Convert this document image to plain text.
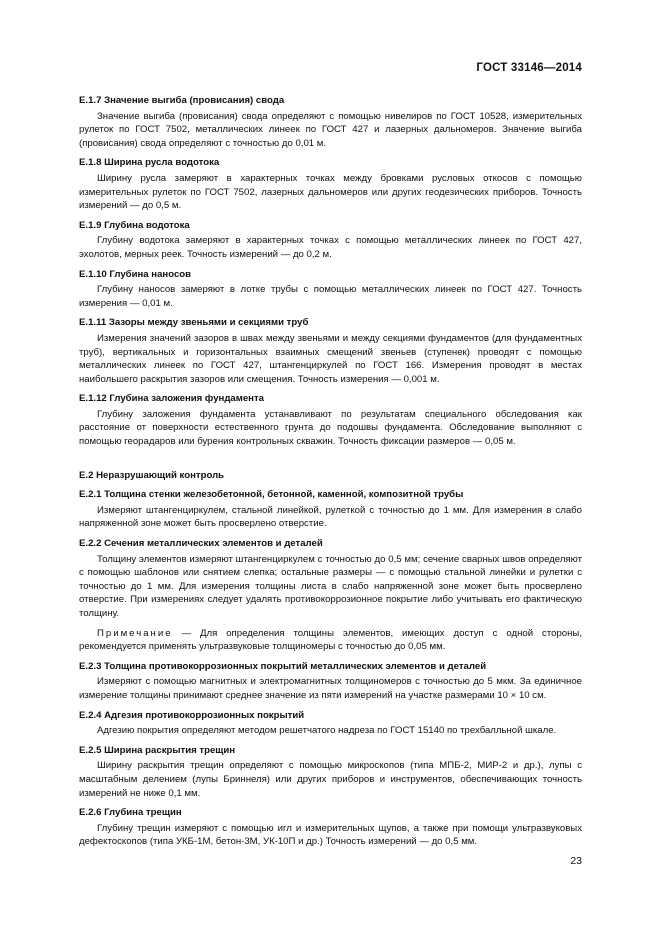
ГОСТ 33146—2014
Е.1.7 Значение выгиба (провисания) свода
Значение выгиба (провисания) свода определяют с помощью нивелиров по ГОСТ 10528, измерительных рулеток по ГОСТ 7502, металлических линеек по ГОСТ 427 и лазерных дальномеров. Значение выгиба (провисания) свода определяют с точностью до 0,01 м.
Е.1.8 Ширина русла водотока
Ширину русла замеряют в характерных точках между бровками русловых откосов с помощью измерительных рулеток по ГОСТ 7502, лазерных дальномеров или других геодезических приборов. Точность измерений — до 0,5 м.
Е.1.9 Глубина водотока
Глубину водотока замеряют в характерных точках с помощью металлических линеек по ГОСТ 427, эхолотов, мерных реек. Точность измерений — до 0,2 м.
Е.1.10 Глубина наносов
Глубину наносов замеряют в лотке трубы с помощью металлических линеек по ГОСТ 427. Точность измерения — 0,01 м.
Е.1.11 Зазоры между звеньями и секциями труб
Измерения значений зазоров в швах между звеньями и между секциями фундаментов (для фундаментных труб), вертикальных и горизонтальных взаимных смещений звеньев (ступенек) проводят с помощью металлических линеек по ГОСТ 427, штангенциркулей по ГОСТ 166. Измерения проводят в местах наибольшего раскрытия зазоров или смещения. Точность измерения — 0,001 м.
Е.1.12 Глубина заложения фундамента
Глубину заложения фундамента устанавливают по результатам специального обследования как расстояние от поверхности естественного грунта до подошвы фундамента. Обследование выполняют с помощью георадаров или бурения контрольных скважин. Точность фиксации размеров — 0,05 м.
Е.2 Неразрушающий контроль
Е.2.1 Толщина стенки железобетонной, бетонной, каменной, композитной трубы
Измеряют штангенциркулем, стальной линейкой, рулеткой с точностью до 1 мм. Для измерения в слабо напряженной зоне может быть просверлено отверстие.
Е.2.2 Сечения металлических элементов и деталей
Толщину элементов измеряют штангенциркулем с точностью до 0,5 мм; сечение сварных швов определяют с помощью шаблонов или снятием слепка; остальные размеры — с помощью стальной линейки и рулетки с точностью до 1 мм. Для измерения толщины листа в слабо напряженной зоне может быть просверлено отверстие. При измерениях следует удалять противокоррозионное покрытие либо учитывать его фактическую толщину.
Примечание — Для определения толщины элементов, имеющих доступ с одной стороны, рекомендуется применять ультразвуковые толщиномеры с точностью до 0,05 мм.
Е.2.3 Толщина противокоррозионных покрытий металлических элементов и деталей
Измеряют с помощью магнитных и электромагнитных толщиномеров с точностью до 5 мкм. За единичное измерение толщины принимают среднее значение из пяти измерений на участке размерами 10 × 10 см.
Е.2.4 Адгезия противокоррозионных покрытий
Адгезию покрытия определяют методом решетчатого надреза по ГОСТ 15140 по трехбалльной шкале.
Е.2.5 Ширина раскрытия трещин
Ширину раскрытия трещин определяют с помощью микроскопов (типа МПБ-2, МИР-2 и др.), лупы с масштабным делением (лупы Бриннеля) или других приборов и инструментов, обеспечивающих точность измерений не ниже 0,1 мм.
Е.2.6 Глубина трещин
Глубину трещин измеряют с помощью игл и измерительных щупов, а также при помощи ультразвуковых дефектоскопов (типа УКБ-1М, бетон-3М, УК-10П и др.) Точность измерений — до 0,5 мм.
23
